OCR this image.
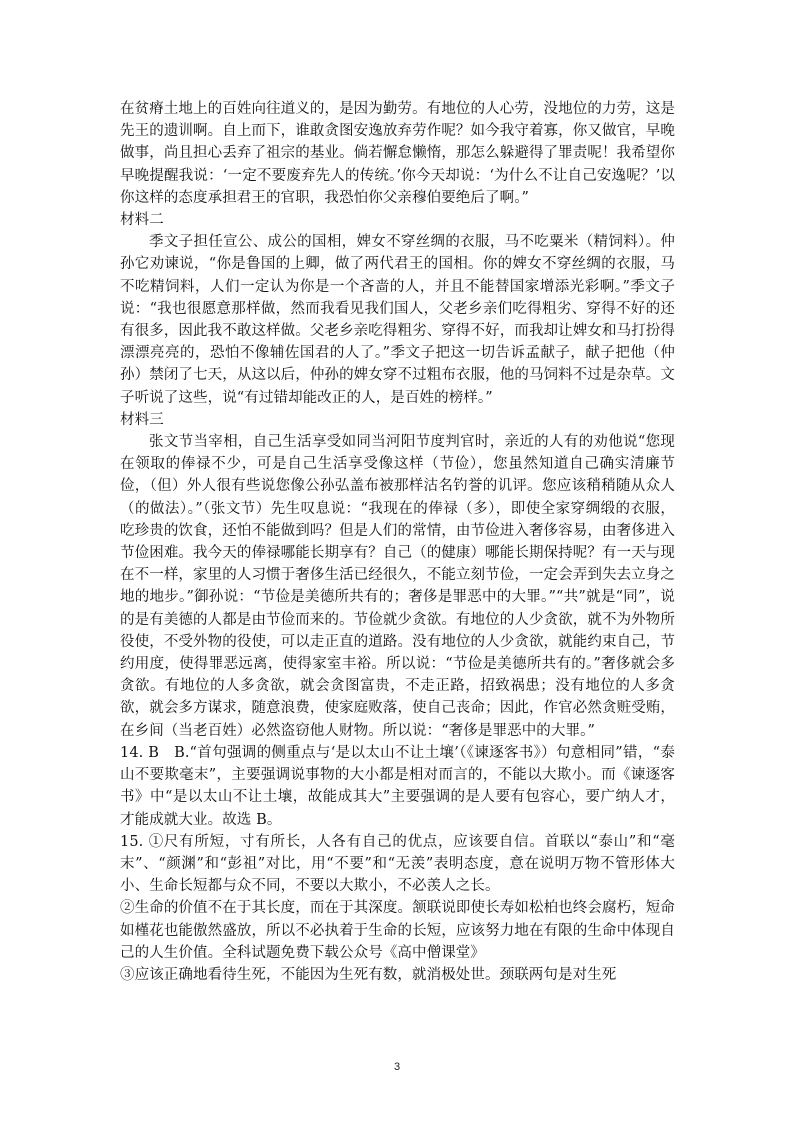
在贫瘠土地上的百姓向往道义的，是因为勤劳。有地位的人心劳，没地位的力劳，这是先王的遗训啊。自上而下，谁敢贪图安逸放弃劳作呢？如今我守着寡，你又做官，早晚做事，尚且担心丢弃了祖宗的基业。倘若懈怠懒惰，那怎么躲避得了罪责呢！我希望你早晚提醒我说：‘一定不要废弃先人的传统。’你今天却说：‘为什么不让自己安逸呢？’以你这样的态度承担君王的官职，我恐怕你父亲穆伯要绝后了啊。”

材料二

季文子担任宣公、成公的国相，婢女不穿丝绸的衣服，马不吃粟米（精饲料）。仲孙它劝谏说，“你是鲁国的上卿，做了两代君王的国相。你的婢女不穿丝绸的衣服，马不吃精饲料，人们一定认为你是一个吝啬的人，并且不能替国家增添光彩啊。”季文子说：“我也很愿意那样做，然而我看见我们国人，父老乡亲们吃得粗劣、穿得不好的还有很多，因此我不敢这样做。父老乡亲吃得粗劣、穿得不好，而我却让婢女和马打扮得漂漂亮亮的，恐怕不像辅佐国君的人了。”季文子把这一切告诉孟献子，献子把他（仲孙）禁闭了七天，从这以后，仲孙的婢女穿不过粗布衣服，他的马饲料不过是杂草。文子听说了这些，说“有过错却能改正的人，是百姓的榜样。”

材料三

张文节当宰相，自己生活享受如同当河阳节度判官时，亲近的人有的劝他说“您现在领取的俸禄不少，可是自己生活享受像这样（节俭），您虽然知道自己确实清廉节俭，（但）外人很有些说您像公孙弘盖布被那样沽名钓誉的讥评。您应该稍稍随从众人（的做法）。”（张文节）先生叹息说：“我现在的俸禄（多），即使全家穿绸缎的衣服，吃珍贵的饮食，还怕不能做到吗？但是人们的常情，由节俭进入奢侈容易，由奢侈进入节俭困难。我今天的俸禄哪能长期享有？自己（的健康）哪能长期保持呢？有一天与现在不一样，家里的人习惯于奢侈生活已经很久，不能立刻节俭，一定会弄到失去立身之地的地步。”御孙说：“节俭是美德所共有的；奢侈是罪恶中的大罪。”“共”就是“同”，说的是有美德的人都是由节俭而来的。节俭就少贪欲。有地位的人少贪欲，就不为外物所役使，不受外物的役使，可以走正直的道路。没有地位的人少贪欲，就能约束自己，节约用度，使得罪恶远离，使得家室丰裕。所以说：“节俭是美德所共有的。”奢侈就会多贪欲。有地位的人多贪欲，就会贪图富贵，不走正路，招致祸患；没有地位的人多贪欲，就会多方谋求，随意浪费，使家庭败落，使自己丧命；因此，作官必然贪赃受贿，在乡间（当老百姓）必然盗窃他人财物。所以说：“奢侈是罪恶中的大罪。”

14. B　B.“首句强调的侧重点与‘是以太山不让土壤’（《谏逐客书》）句意相同”错，“泰山不要欺毫末”，主要强调说事物的大小都是相对而言的，不能以大欺小。而《谏逐客书》中“是以太山不让土壤，故能成其大”主要强调的是人要有包容心，要广纳人才，才能成就大业。故选 B。

15. ①尺有所短，寸有所长，人各有自己的优点，应该要自信。首联以“泰山”和“毫末”、“颜渊”和“彭祖”对比，用“不要”和“无羡”表明态度，意在说明万物不管形体大小、生命长短都与众不同，不要以大欺小，不必羡人之长。

②生命的价值不在于其长度，而在于其深度。颔联说即使长寿如松柏也终会腐朽，短命如槿花也能傲然盛放，所以不必执着于生命的长短，应该努力地在有限的生命中体现自己的人生价值。全科试题免费下载公众号《高中僧课堂》

③应该正确地看待生死，不能因为生死有数，就消极处世。颈联两句是对生死

3
